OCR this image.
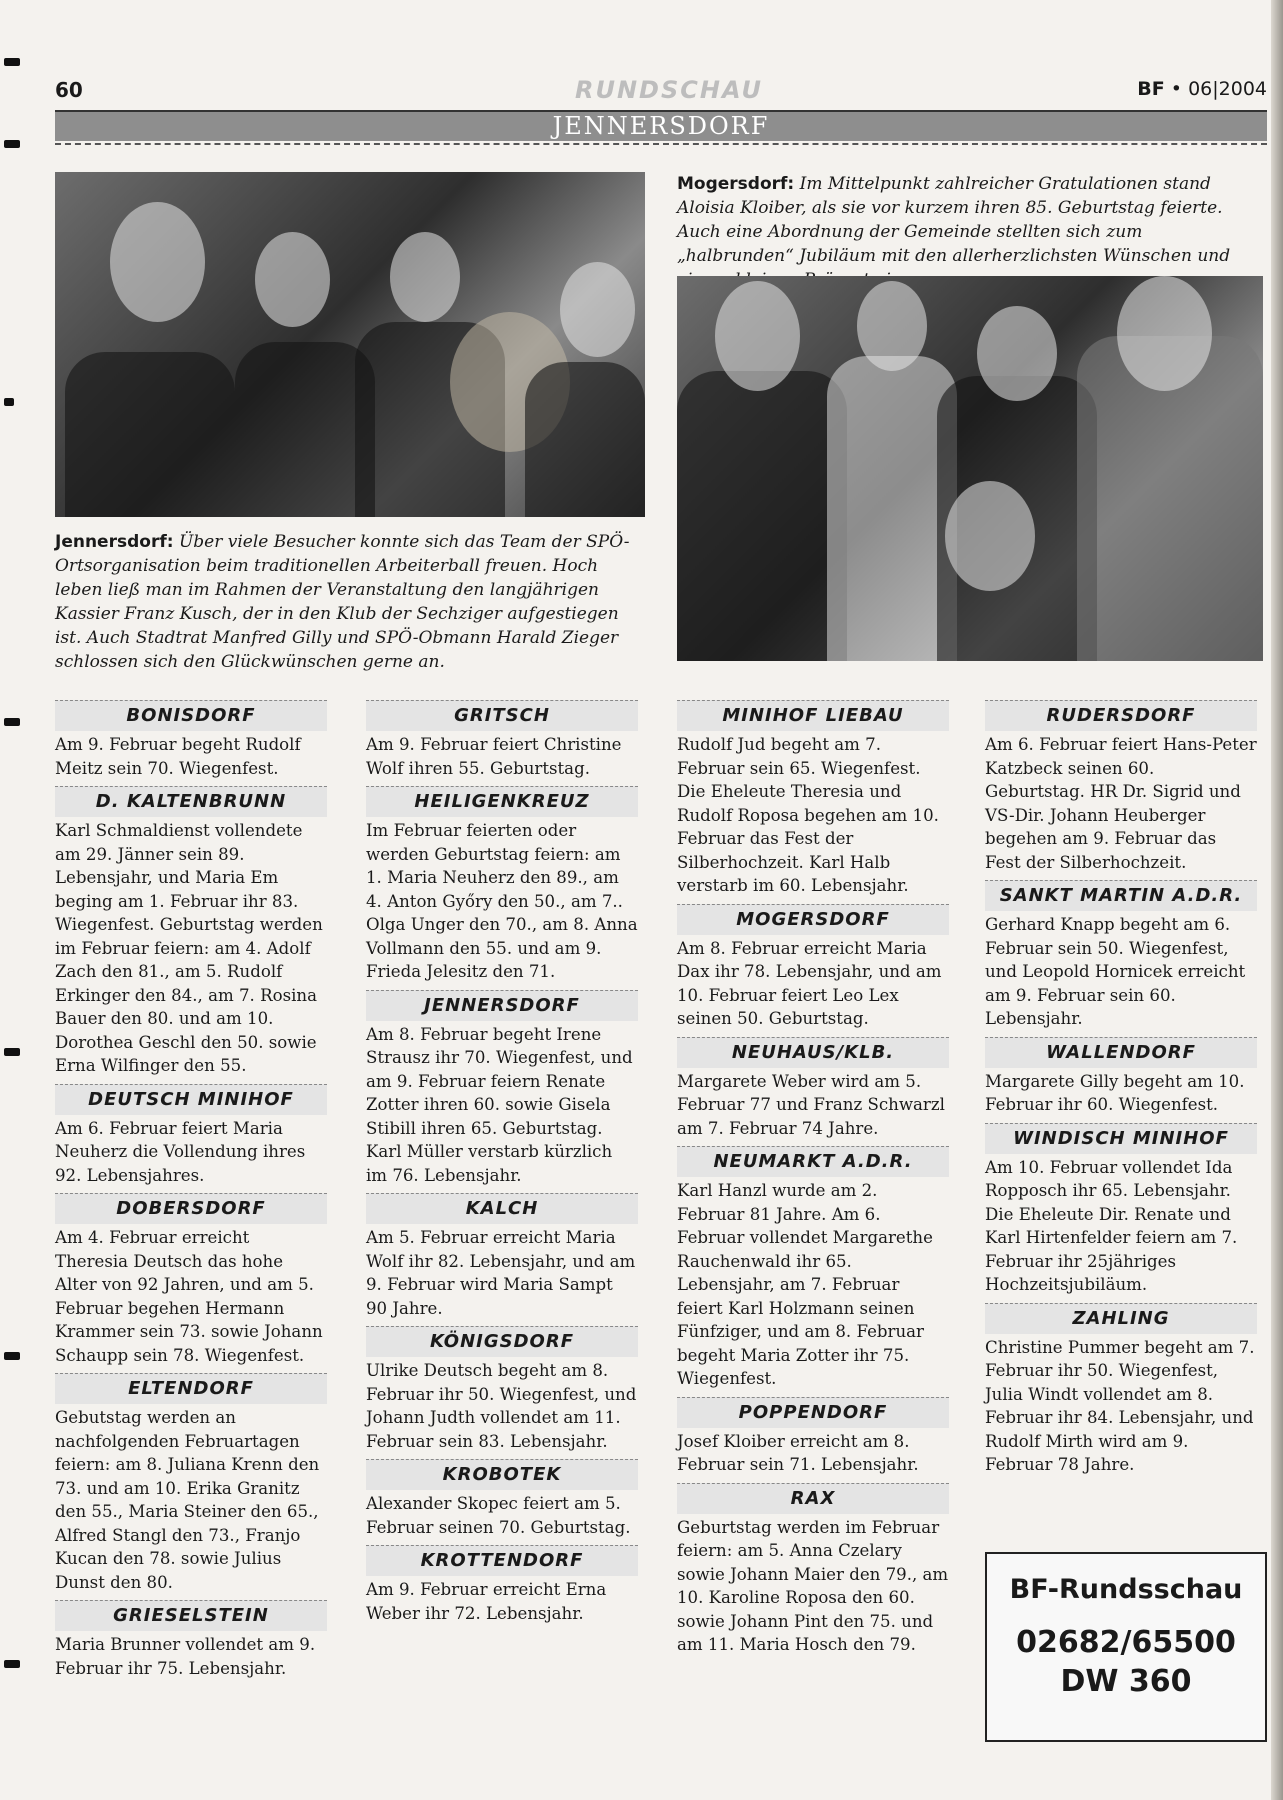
60	RUNDSCHAU	BF • 06|2004
JENNERSDORF
Jennersdorf: Über viele Besucher konnte sich das Team der SPÖ-Ortsorganisation beim traditionellen Arbeiterball freuen. Hoch leben ließ man im Rahmen der Veranstaltung den langjährigen Kassier Franz Kusch, der in den Klub der Sechziger aufgestiegen ist. Auch Stadtrat Manfred Gilly und SPÖ-Obmann Harald Zieger schlossen sich den Glückwünschen gerne an.
Mogersdorf: Im Mittelpunkt zahlreicher Gratulationen stand Aloisia Kloiber, als sie vor kurzem ihren 85. Geburtstag feierte. Auch eine Abordnung der Gemeinde stellten sich zum „halbrunden“ Jubiläum mit den allerherzlichsten Wünschen und
BONISDORF
Am 9. Februar begeht Rudolf Meitz sein 70. Wiegenfest.
D. KALTENBRUNN
Karl Schmaldienst vollendete am 29. Jänner sein 89. Lebensjahr, und Maria Em beging am 1. Februar ihr 83. Wiegenfest. Geburtstag werden im Februar feiern: am 4. Adolf Zach den 81., am 5. Rudolf Erkinger den 84., am 7. Rosina Bauer den 80. und am 10. Dorothea Geschl den 50. sowie Erna Wilfinger den 55.
DEUTSCH MINIHOF
Am 6. Februar feiert Maria Neuherz die Vollendung ihres 92. Lebensjahres.
DOBERSDORF
Am 4. Februar erreicht Theresia Deutsch das hohe Alter von 92 Jahren, und am 5. Februar begehen Hermann Krammer sein 73. sowie Johann Schaupp sein 78. Wiegenfest.
ELTENDORF
Gebutstag werden an nachfolgenden Februartagen feiern: am 8. Juliana Krenn den 73. und am 10. Erika Granitz den 55., Maria Steiner den 65., Alfred Stangl den 73., Franjo Kucan den 78. sowie Julius Dunst den 80.
GRIESELSTEIN
Maria Brunner vollendet am 9. Februar ihr 75. Lebensjahr.
GRITSCH
Am 9. Februar feiert Christine Wolf ihren 55. Geburtstag.
HEILIGENKREUZ
Im Februar feierten oder werden Geburtstag feiern: am 1. Maria Neuherz den 89., am 4. Anton Győry den 50., am 7.. Olga Unger den 70., am 8. Anna Vollmann den 55. und am 9. Frieda Jelesitz den 71.
JENNERSDORF
Am 8. Februar begeht Irene Strausz ihr 70. Wiegenfest, und am 9. Februar feiern Renate Zotter ihren 60. sowie Gisela Stibill ihren 65. Geburtstag. Karl Müller verstarb kürzlich im 76. Lebensjahr.
KALCH
Am 5. Februar erreicht Maria Wolf ihr 82. Lebensjahr, und am 9. Februar wird Maria Sampt 90 Jahre.
KÖNIGSDORF
Ulrike Deutsch begeht am 8. Februar ihr 50. Wiegenfest, und Johann Judth vollendet am 11. Februar sein 83. Lebensjahr.
KROBOTEK
Alexander Skopec feiert am 5. Februar seinen 70. Geburtstag.
KROTTENDORF
Am 9. Februar erreicht Erna Weber ihr 72. Lebensjahr.
MINIHOF LIEBAU
Rudolf Jud begeht am 7. Februar sein 65. Wiegenfest. Die Eheleute Theresia und Rudolf Roposa begehen am 10. Februar das Fest der Silberhochzeit. Karl Halb verstarb im 60. Lebensjahr.
MOGERSDORF
Am 8. Februar erreicht Maria Dax ihr 78. Lebensjahr, und am 10. Februar feiert Leo Lex seinen 50. Geburtstag.
NEUHAUS/KLB.
Margarete Weber wird am 5. Februar 77 und Franz Schwarzl am 7. Februar 74 Jahre.
NEUMARKT A.D.R.
Karl Hanzl wurde am 2. Februar 81 Jahre. Am 6. Februar vollendet Margarethe Rauchenwald ihr 65. Lebensjahr, am 7. Februar feiert Karl Holzmann seinen Fünfziger, und am 8. Februar begeht Maria Zotter ihr 75. Wiegenfest.
POPPENDORF
Josef Kloiber erreicht am 8. Februar sein 71. Lebensjahr.
RAX
Geburtstag werden im Februar feiern: am 5. Anna Czelary sowie Johann Maier den 79., am 10. Karoline Roposa den 60. sowie Johann Pint den 75. und am 11. Maria Hosch den 79.
RUDERSDORF
Am 6. Februar feiert Hans-Peter Katzbeck seinen 60. Geburtstag. HR Dr. Sigrid und VS-Dir. Johann Heuberger begehen am 9. Februar das Fest der Silberhochzeit.
SANKT MARTIN A.D.R.
Gerhard Knapp begeht am 6. Februar sein 50. Wiegenfest, und Leopold Hornicek erreicht am 9. Februar sein 60. Lebensjahr.
WALLENDORF
Margarete Gilly begeht am 10. Februar ihr 60. Wiegenfest.
WINDISCH MINIHOF
Am 10. Februar vollendet Ida Ropposch ihr 65. Lebensjahr. Die Eheleute Dir. Renate und Karl Hirtenfelder feiern am 7. Februar ihr 25jähriges Hochzeitsjubiläum.
ZAHLING
Christine Pummer begeht am 7. Februar ihr 50. Wiegenfest, Julia Windt vollendet am 8. Februar ihr 84. Lebensjahr, und Rudolf Mirth wird am 9. Februar 78 Jahre.
BF-Rundsschau
02682/65500
DW 360
